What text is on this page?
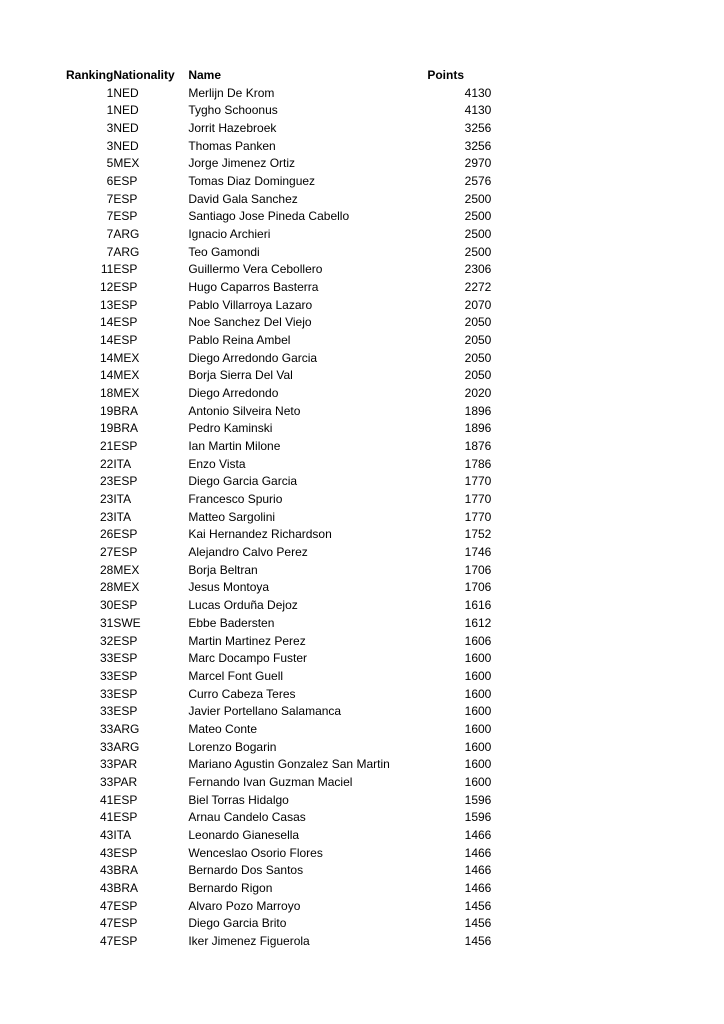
Ranking	Nationality	Name	Points
1	NED	Merlijn De Krom	4130
1	NED	Tygho Schoonus	4130
3	NED	Jorrit Hazebroek	3256
3	NED	Thomas Panken	3256
5	MEX	Jorge Jimenez Ortiz	2970
6	ESP	Tomas Diaz Dominguez	2576
7	ESP	David Gala Sanchez	2500
7	ESP	Santiago Jose Pineda Cabello	2500
7	ARG	Ignacio Archieri	2500
7	ARG	Teo Gamondi	2500
11	ESP	Guillermo Vera Cebollero	2306
12	ESP	Hugo Caparros Basterra	2272
13	ESP	Pablo Villarroya Lazaro	2070
14	ESP	Noe Sanchez Del Viejo	2050
14	ESP	Pablo Reina Ambel	2050
14	MEX	Diego Arredondo Garcia	2050
14	MEX	Borja Sierra Del Val	2050
18	MEX	Diego Arredondo	2020
19	BRA	Antonio Silveira Neto	1896
19	BRA	Pedro Kaminski	1896
21	ESP	Ian Martin Milone	1876
22	ITA	Enzo Vista	1786
23	ESP	Diego Garcia Garcia	1770
23	ITA	Francesco Spurio	1770
23	ITA	Matteo Sargolini	1770
26	ESP	Kai Hernandez Richardson	1752
27	ESP	Alejandro Calvo Perez	1746
28	MEX	Borja Beltran	1706
28	MEX	Jesus Montoya	1706
30	ESP	Lucas Orduña Dejoz	1616
31	SWE	Ebbe Badersten	1612
32	ESP	Martin Martinez Perez	1606
33	ESP	Marc Docampo Fuster	1600
33	ESP	Marcel Font Guell	1600
33	ESP	Curro Cabeza Teres	1600
33	ESP	Javier Portellano Salamanca	1600
33	ARG	Mateo Conte	1600
33	ARG	Lorenzo Bogarin	1600
33	PAR	Mariano Agustin Gonzalez San Martin	1600
33	PAR	Fernando Ivan Guzman Maciel	1600
41	ESP	Biel Torras Hidalgo	1596
41	ESP	Arnau Candelo Casas	1596
43	ITA	Leonardo Gianesella	1466
43	ESP	Wenceslao Osorio Flores	1466
43	BRA	Bernardo Dos Santos	1466
43	BRA	Bernardo Rigon	1466
47	ESP	Alvaro Pozo Marroyo	1456
47	ESP	Diego Garcia Brito	1456
47	ESP	Iker Jimenez Figuerola	1456
